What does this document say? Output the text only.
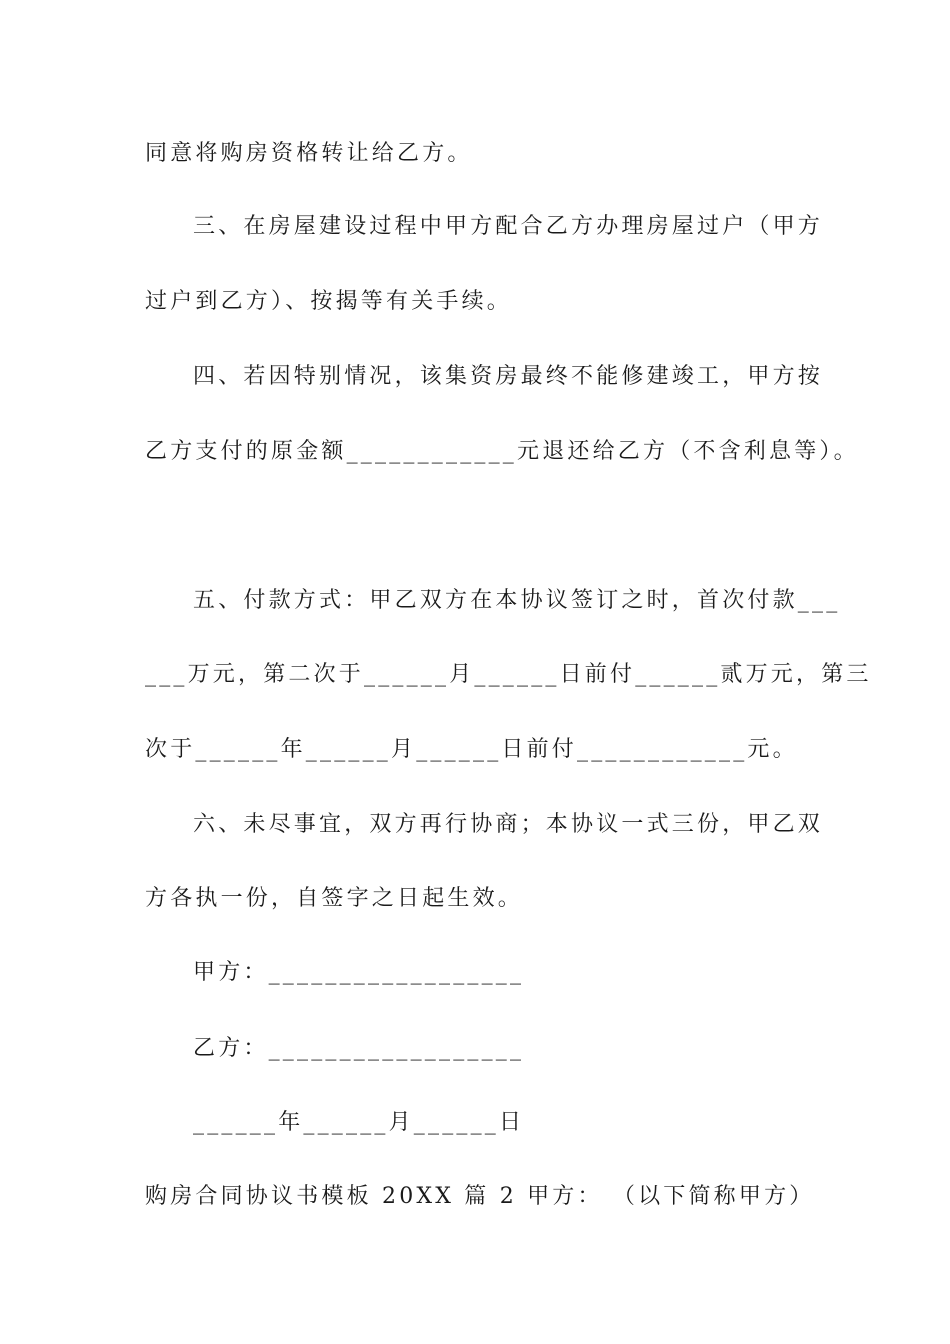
同意将购房资格转让给乙方。
三、在房屋建设过程中甲方配合乙方办理房屋过户（甲方
过户到乙方）、按揭等有关手续。
四、若因特别情况，该集资房最终不能修建竣工，甲方按
乙方支付的原金额____________元退还给乙方（不含利息等）。
五、付款方式：甲乙双方在本协议签订之时，首次付款___
___万元，第二次于______月______日前付______贰万元，第三
次于______年______月______日前付____________元。
六、未尽事宜，双方再行协商；本协议一式三份，甲乙双
方各执一份，自签字之日起生效。
甲方：__________________
乙方：__________________
______年______月______日
购房合同协议书模板 20XX 篇 2 甲方： （以下简称甲方）
